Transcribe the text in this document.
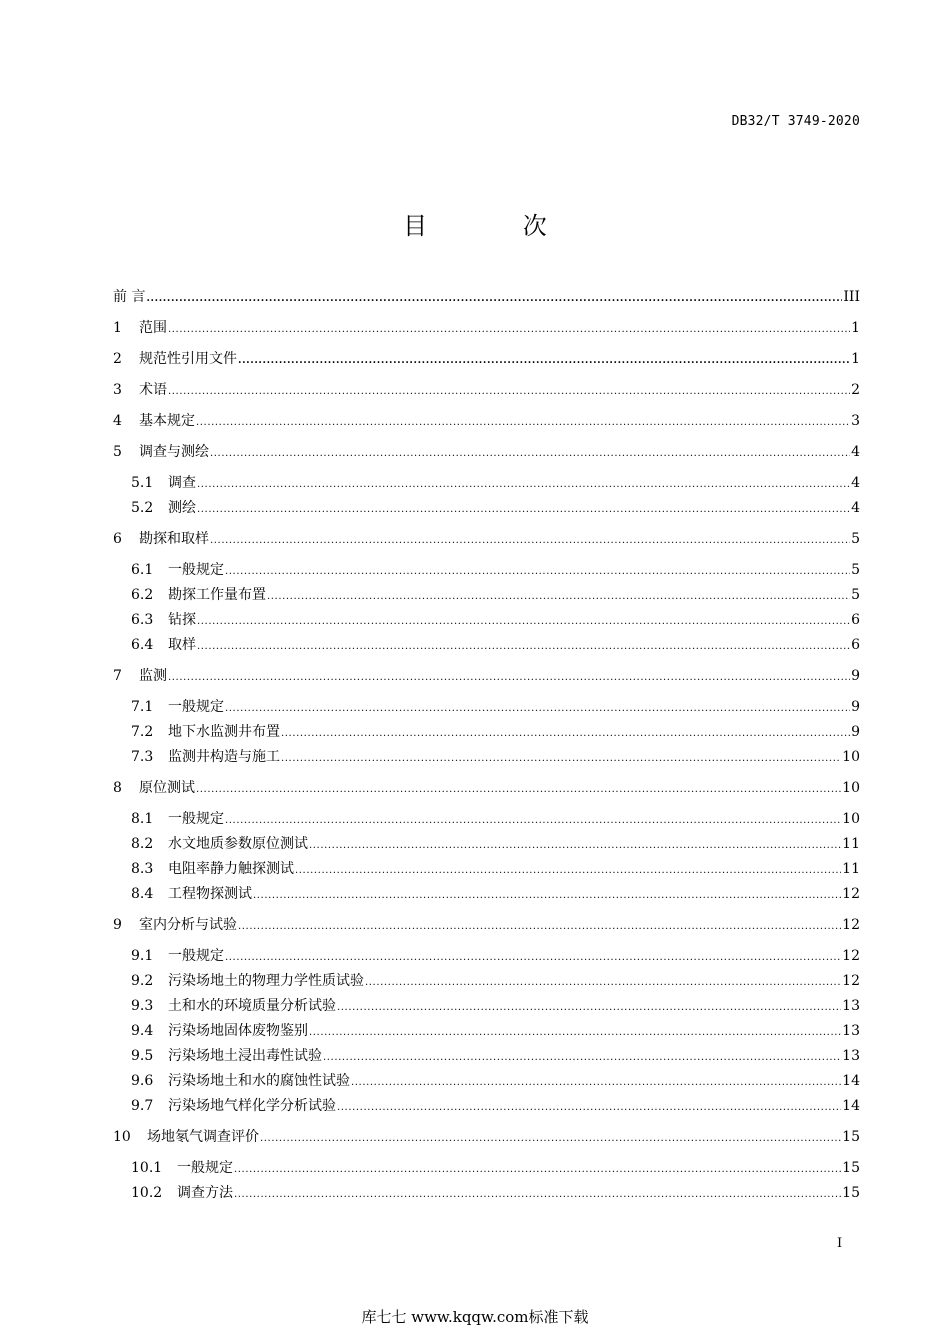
DB32/T 3749-2020
目 次
前 言 .....	III
1	范围 .....	1
2	规范性引用文件 .....	1
3	术语 .....	2
4	基本规定 .....	3
5	调查与测绘 .....	4
5.1	调查 .....	4
5.2	测绘 .....	4
6	勘探和取样 .....	5
6.1	一般规定 .....	5
6.2	勘探工作量布置 .....	5
6.3	钻探 .....	6
6.4	取样 .....	6
7	监测 .....	9
7.1	一般规定 .....	9
7.2	地下水监测井布置 .....	9
7.3	监测井构造与施工 .....	10
8	原位测试 .....	10
8.1	一般规定 .....	10
8.2	水文地质参数原位测试 .....	11
8.3	电阻率静力触探测试 .....	11
8.4	工程物探测试 .....	12
9	室内分析与试验 .....	12
9.1	一般规定 .....	12
9.2	污染场地土的物理力学性质试验 .....	12
9.3	土和水的环境质量分析试验 .....	13
9.4	污染场地固体废物鉴别 .....	13
9.5	污染场地土浸出毒性试验 .....	13
9.6	污染场地土和水的腐蚀性试验 .....	14
9.7	污染场地气样化学分析试验 .....	14
10	场地氡气调查评价 .....	15
10.1	一般规定 .....	15
10.2	调查方法 .....	15
I
库七七 www.kqqw.com标准下载
